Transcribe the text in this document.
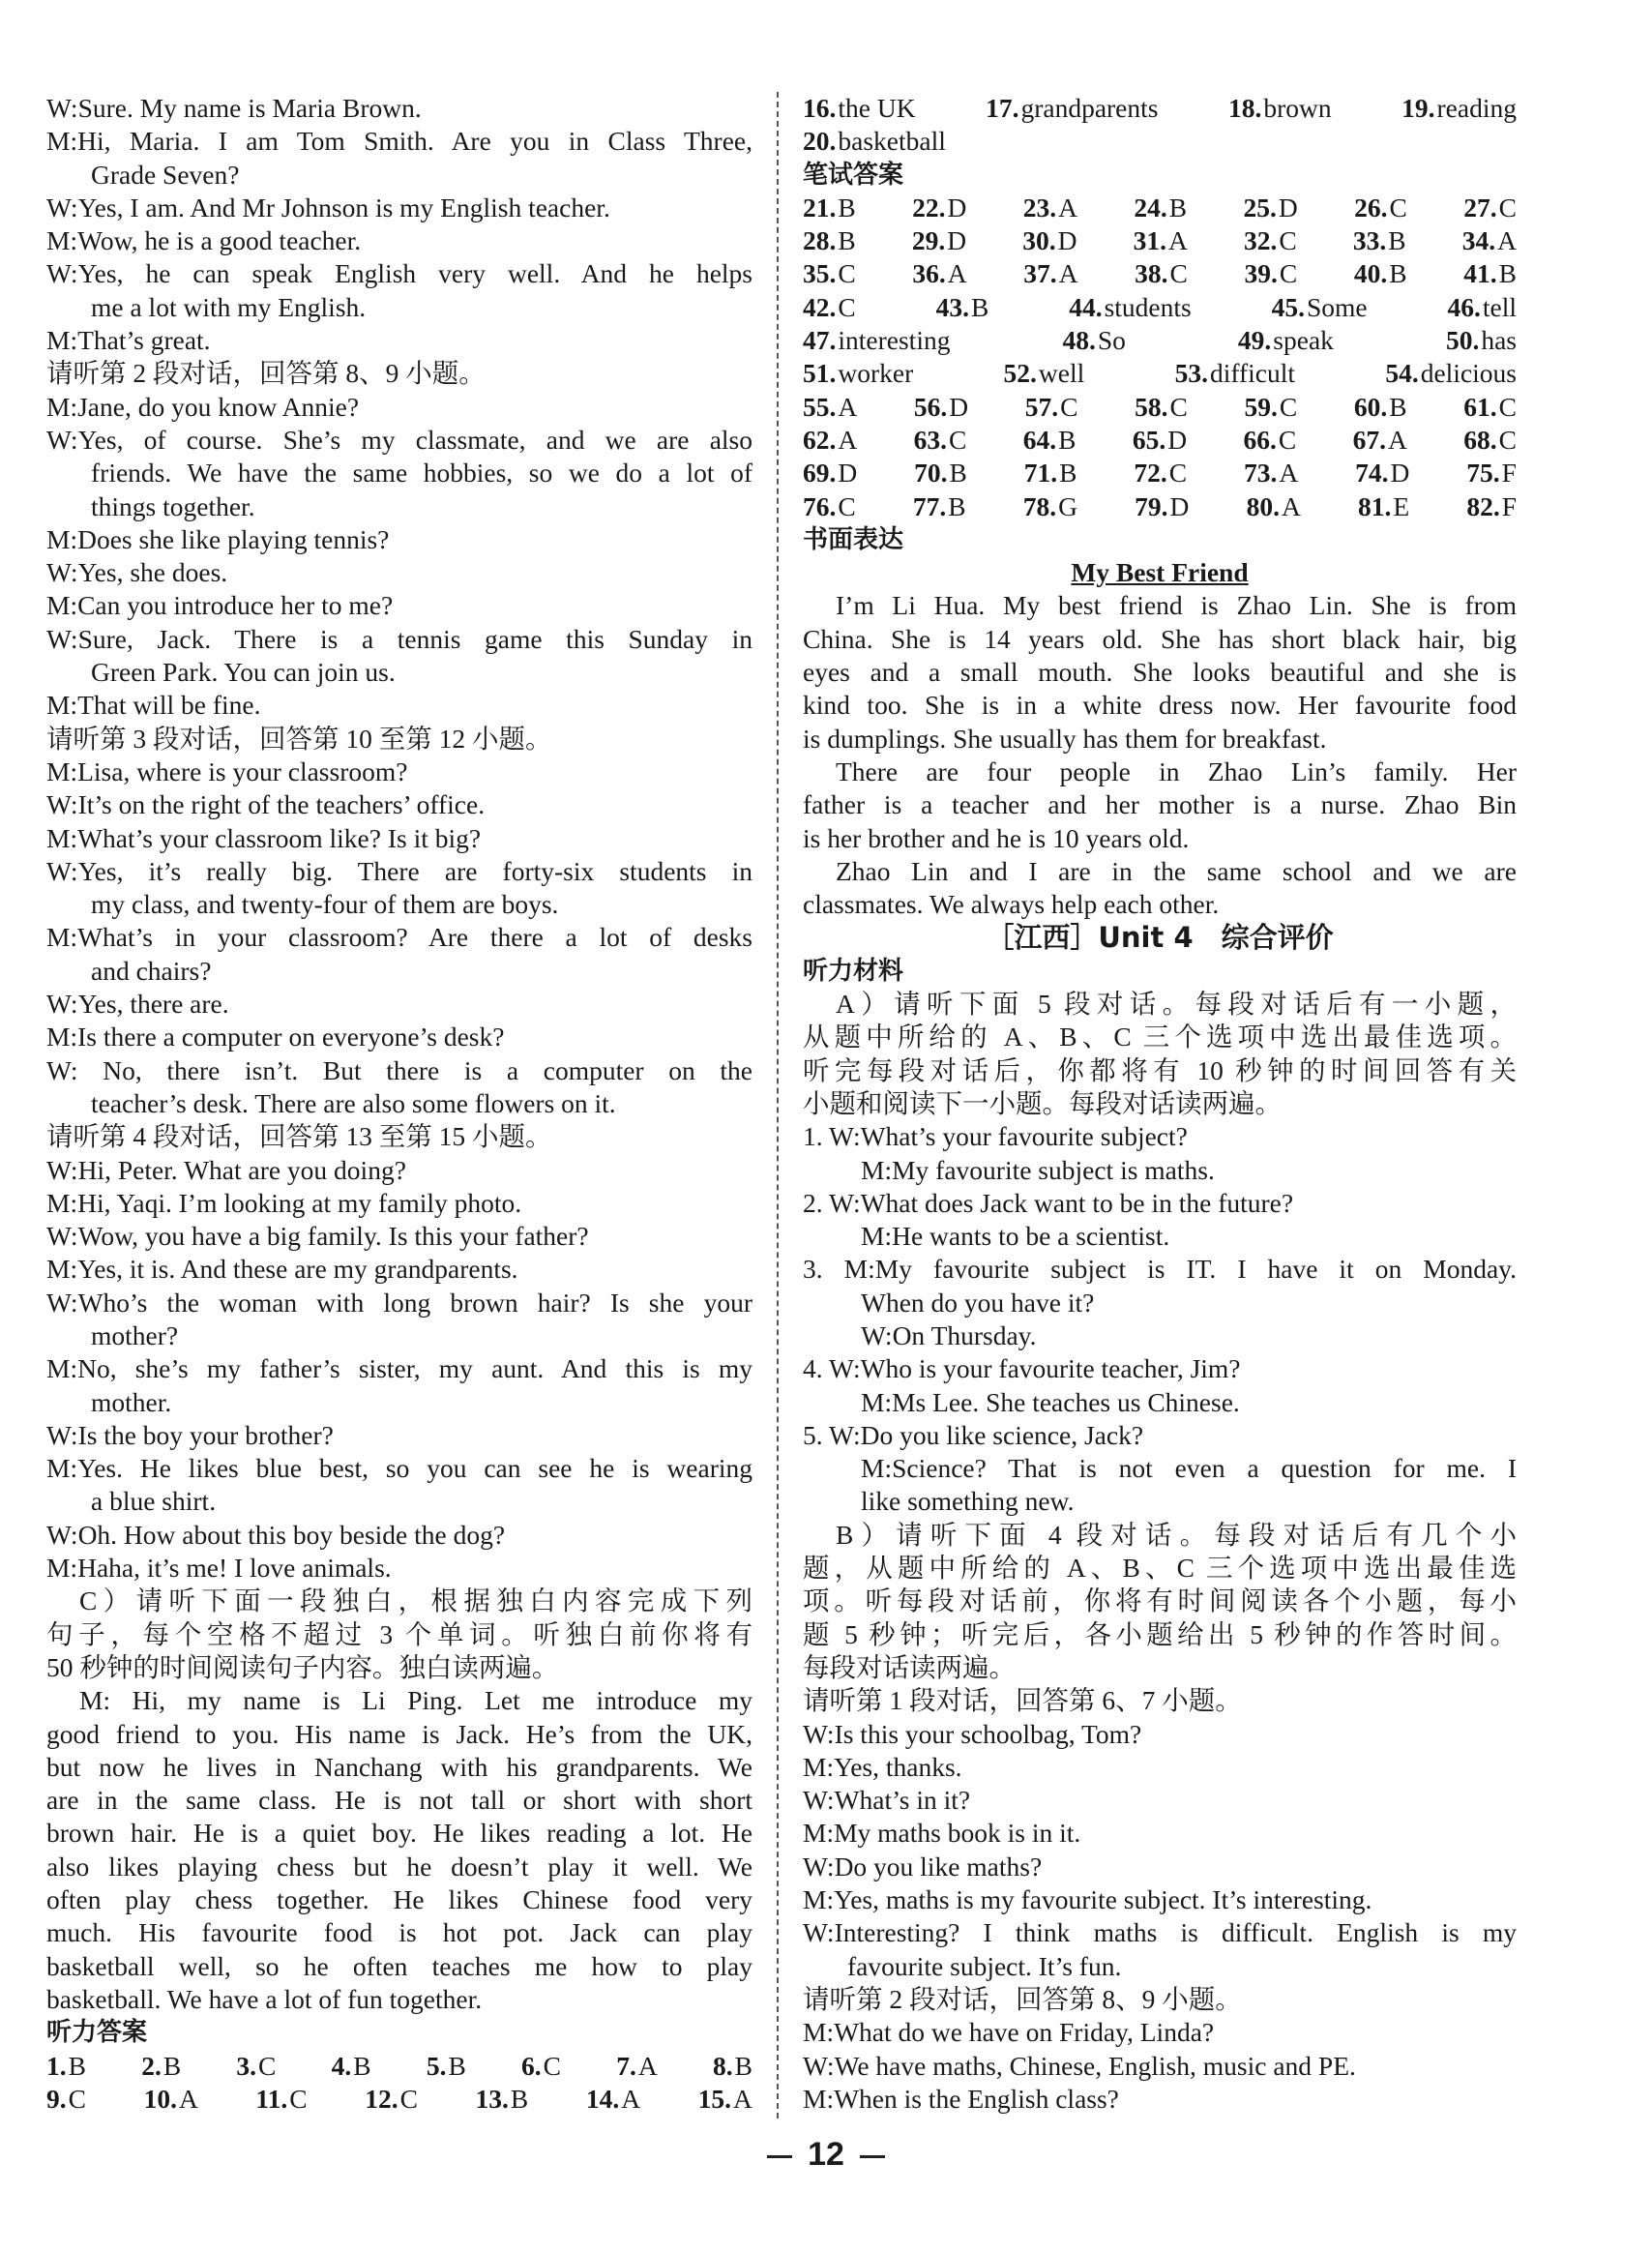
W:Sure. My name is Maria Brown.
M:Hi, Maria. I am Tom Smith. Are you in Class Three,
Grade Seven?
W:Yes, I am. And Mr Johnson is my English teacher.
M:Wow, he is a good teacher.
W:Yes, he can speak English very well. And he helps
me a lot with my English.
M:That’s great.
请听第 2 段对话，回答第 8、9 小题。
M:Jane, do you know Annie?
W:Yes, of course. She’s my classmate, and we are also
friends. We have the same hobbies, so we do a lot of
things together.
M:Does she like playing tennis?
W:Yes, she does.
M:Can you introduce her to me?
W:Sure, Jack. There is a tennis game this Sunday in
Green Park. You can join us.
M:That will be fine.
请听第 3 段对话，回答第 10 至第 12 小题。
M:Lisa, where is your classroom?
W:It’s on the right of the teachers’ office.
M:What’s your classroom like? Is it big?
W:Yes, it’s really big. There are forty-six students in
my class, and twenty-four of them are boys.
M:What’s in your classroom? Are there a lot of desks
and chairs?
W:Yes, there are.
M:Is there a computer on everyone’s desk?
W: No, there isn’t. But there is a computer on the
teacher’s desk. There are also some flowers on it.
请听第 4 段对话，回答第 13 至第 15 小题。
W:Hi, Peter. What are you doing?
M:Hi, Yaqi. I’m looking at my family photo.
W:Wow, you have a big family. Is this your father?
M:Yes, it is. And these are my grandparents.
W:Who’s the woman with long brown hair? Is she your
mother?
M:No, she’s my father’s sister, my aunt. And this is my
mother.
W:Is the boy your brother?
M:Yes. He likes blue best, so you can see he is wearing
a blue shirt.
W:Oh. How about this boy beside the dog?
M:Haha, it’s me! I love animals.
C）请听下面一段独白，根据独白内容完成下列
句子，每个空格不超过 3 个单词。听独白前你将有
50 秒钟的时间阅读句子内容。独白读两遍。
M: Hi, my name is Li Ping. Let me introduce my
good friend to you. His name is Jack. He’s from the UK,
but now he lives in Nanchang with his grandparents. We
are in the same class. He is not tall or short with short
brown hair. He is a quiet boy. He likes reading a lot. He
also likes playing chess but he doesn’t play it well. We
often play chess together. He likes Chinese food very
much. His favourite food is hot pot. Jack can play
basketball well, so he often teaches me how to play
basketball. We have a lot of fun together.
听力答案
1.B 2.B 3.C 4.B 5.B 6.C 7.A 8.B
9.C 10.A 11.C 12.C 13.B 14.A 15.A
16.the UK	17.grandparents	18.brown	19.reading
20.basketball
笔试答案
21.B 22.D 23.A 24.B 25.D 26.C 27.C
28.B 29.D 30.D 31.A 32.C 33.B 34.A
35.C 36.A 37.A 38.C 39.C 40.B 41.B
42.C	43.B	44.students	45.Some	46.tell
47.interesting	48.So	49.speak	50.has
51.worker	52.well	53.difficult	54.delicious
55.A 56.D 57.C 58.C 59.C 60.B 61.C
62.A 63.C 64.B 65.D 66.C 67.A 68.C
69.D 70.B 71.B 72.C 73.A 74.D 75.F
76.C 77.B 78.G 79.D 80.A 81.E 82.F
书面表达
My Best Friend
I’m Li Hua. My best friend is Zhao Lin. She is from
China. She is 14 years old. She has short black hair, big
eyes and a small mouth. She looks beautiful and she is
kind too. She is in a white dress now. Her favourite food
is dumplings. She usually has them for breakfast.
There are four people in Zhao Lin’s family. Her
father is a teacher and her mother is a nurse. Zhao Bin
is her brother and he is 10 years old.
Zhao Lin and I are in the same school and we are
classmates. We always help each other.
［江西］Unit 4　综合评价
听力材料
A）请听下面 5 段对话。每段对话后有一小题，
从题中所给的 A、B、C 三个选项中选出最佳选项。
听完每段对话后，你都将有 10 秒钟的时间回答有关
小题和阅读下一小题。每段对话读两遍。
1. W:What’s your favourite subject?
M:My favourite subject is maths.
2. W:What does Jack want to be in the future?
M:He wants to be a scientist.
3. M:My favourite subject is IT. I have it on Monday.
When do you have it?
W:On Thursday.
4. W:Who is your favourite teacher, Jim?
M:Ms Lee. She teaches us Chinese.
5. W:Do you like science, Jack?
M:Science? That is not even a question for me. I
like something new.
B）请听下面 4 段对话。每段对话后有几个小
题，从题中所给的 A、B、C 三个选项中选出最佳选
项。听每段对话前，你将有时间阅读各个小题，每小
题 5 秒钟；听完后，各小题给出 5 秒钟的作答时间。
每段对话读两遍。
请听第 1 段对话，回答第 6、7 小题。
W:Is this your schoolbag, Tom?
M:Yes, thanks.
W:What’s in it?
M:My maths book is in it.
W:Do you like maths?
M:Yes, maths is my favourite subject. It’s interesting.
W:Interesting? I think maths is difficult. English is my
favourite subject. It’s fun.
请听第 2 段对话，回答第 8、9 小题。
M:What do we have on Friday, Linda?
W:We have maths, Chinese, English, music and PE.
M:When is the English class?
12
